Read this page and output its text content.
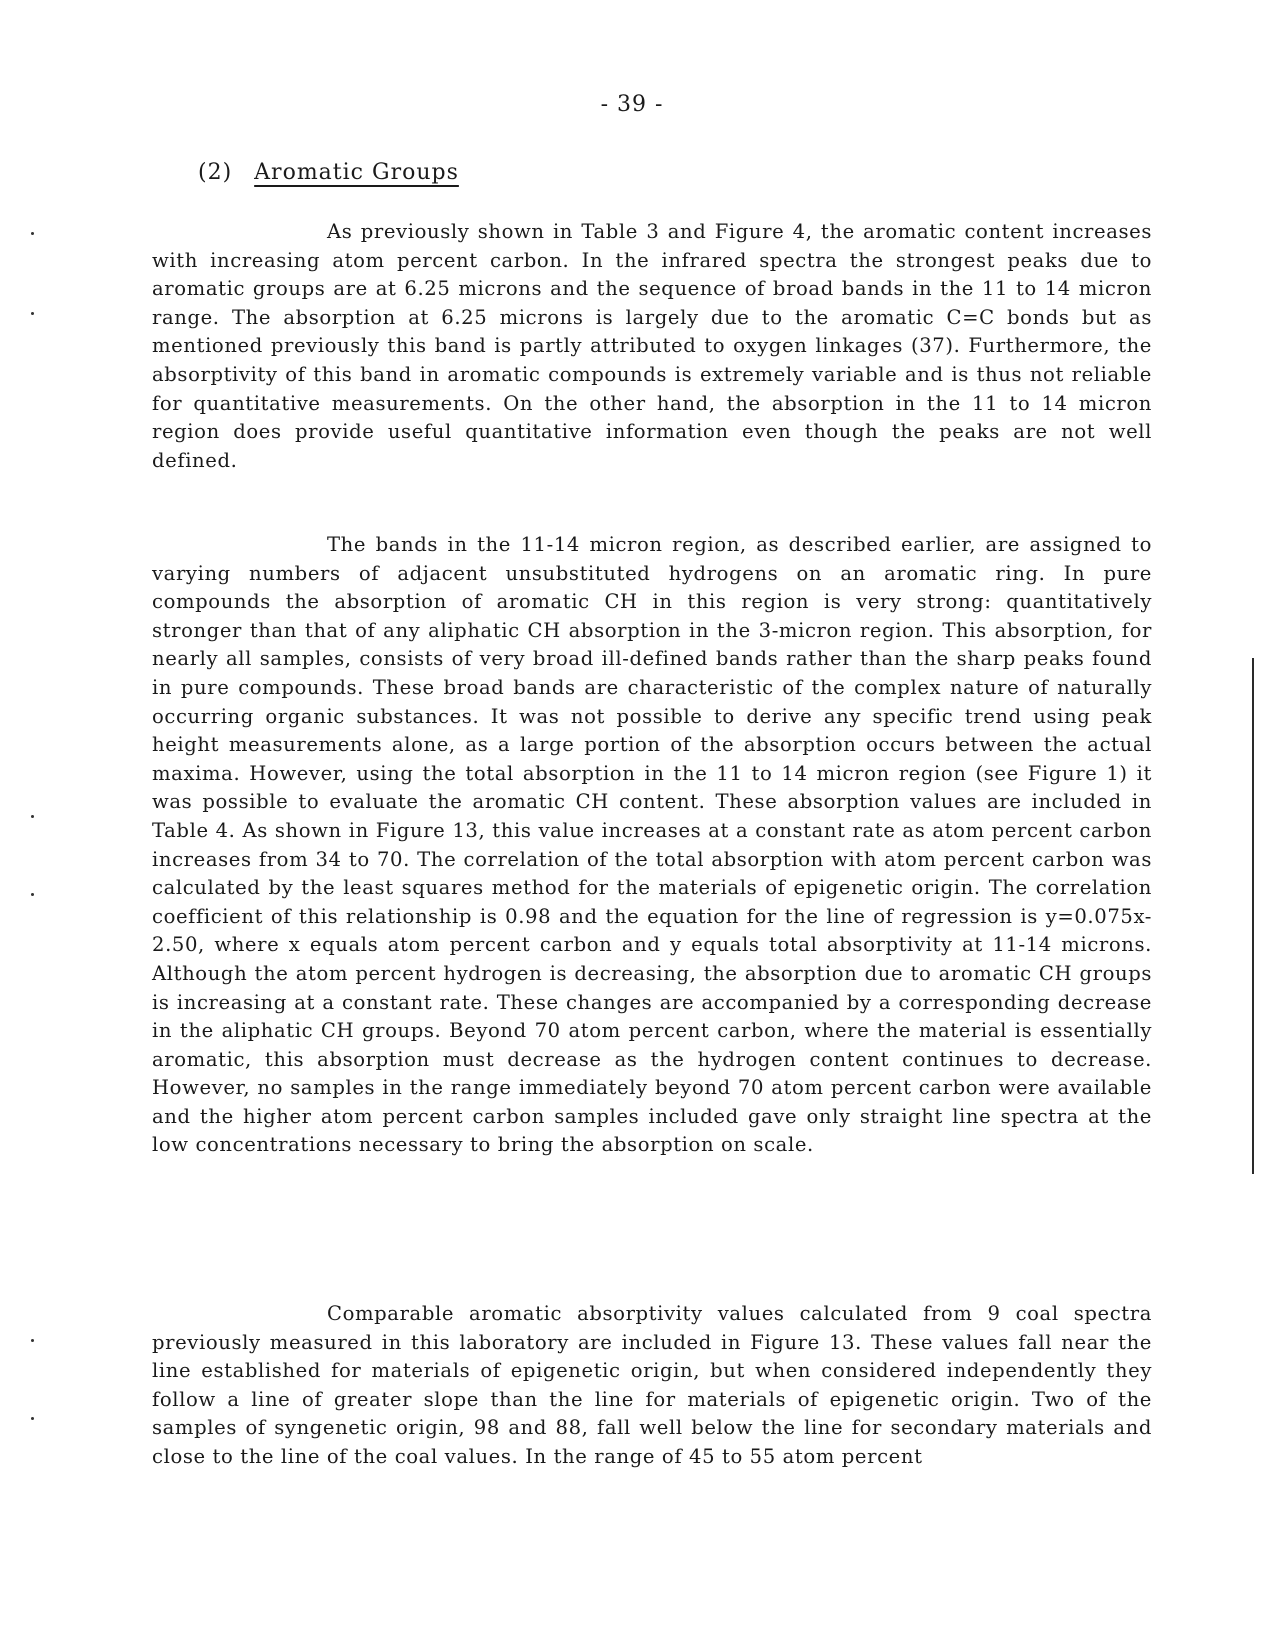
- 39 -
(2) Aromatic Groups

As previously shown in Table 3 and Figure 4, the aromatic content increases with increasing atom percent carbon. In the infrared spectra the strongest peaks due to aromatic groups are at 6.25 microns and the sequence of broad bands in the 11 to 14 micron range. The absorption at 6.25 microns is largely due to the aromatic C=C bonds but as mentioned previously this band is partly attributed to oxygen linkages (37). Furthermore, the absorptivity of this band in aromatic compounds is extremely variable and is thus not reliable for quantitative measurements. On the other hand, the absorption in the 11 to 14 micron region does provide useful quantitative information even though the peaks are not well defined.

The bands in the 11-14 micron region, as described earlier, are assigned to varying numbers of adjacent unsubstituted hydrogens on an aromatic ring. In pure compounds the absorption of aromatic CH in this region is very strong: quantitatively stronger than that of any aliphatic CH absorption in the 3-micron region. This absorption, for nearly all samples, consists of very broad ill-defined bands rather than the sharp peaks found in pure compounds. These broad bands are characteristic of the complex nature of naturally occurring organic substances. It was not possible to derive any specific trend using peak height measurements alone, as a large portion of the absorption occurs between the actual maxima. However, using the total absorption in the 11 to 14 micron region (see Figure 1) it was possible to evaluate the aromatic CH content. These absorption values are included in Table 4. As shown in Figure 13, this value increases at a constant rate as atom percent carbon increases from 34 to 70. The correlation of the total absorption with atom percent carbon was calculated by the least squares method for the materials of epigenetic origin. The correlation coefficient of this relationship is 0.98 and the equation for the line of regression is y=0.075x-2.50, where x equals atom percent carbon and y equals total absorptivity at 11-14 microns. Although the atom percent hydrogen is decreasing, the absorption due to aromatic CH groups is increasing at a constant rate. These changes are accompanied by a corresponding decrease in the aliphatic CH groups. Beyond 70 atom percent carbon, where the material is essentially aromatic, this absorption must decrease as the hydrogen content continues to decrease. However, no samples in the range immediately beyond 70 atom percent carbon were available and the higher atom percent carbon samples included gave only straight line spectra at the low concentrations necessary to bring the absorption on scale.

Comparable aromatic absorptivity values calculated from 9 coal spectra previously measured in this laboratory are included in Figure 13. These values fall near the line established for materials of epigenetic origin, but when considered independently they follow a line of greater slope than the line for materials of epigenetic origin. Two of the samples of syngenetic origin, 98 and 88, fall well below the line for secondary materials and close to the line of the coal values. In the range of 45 to 55 atom percent
